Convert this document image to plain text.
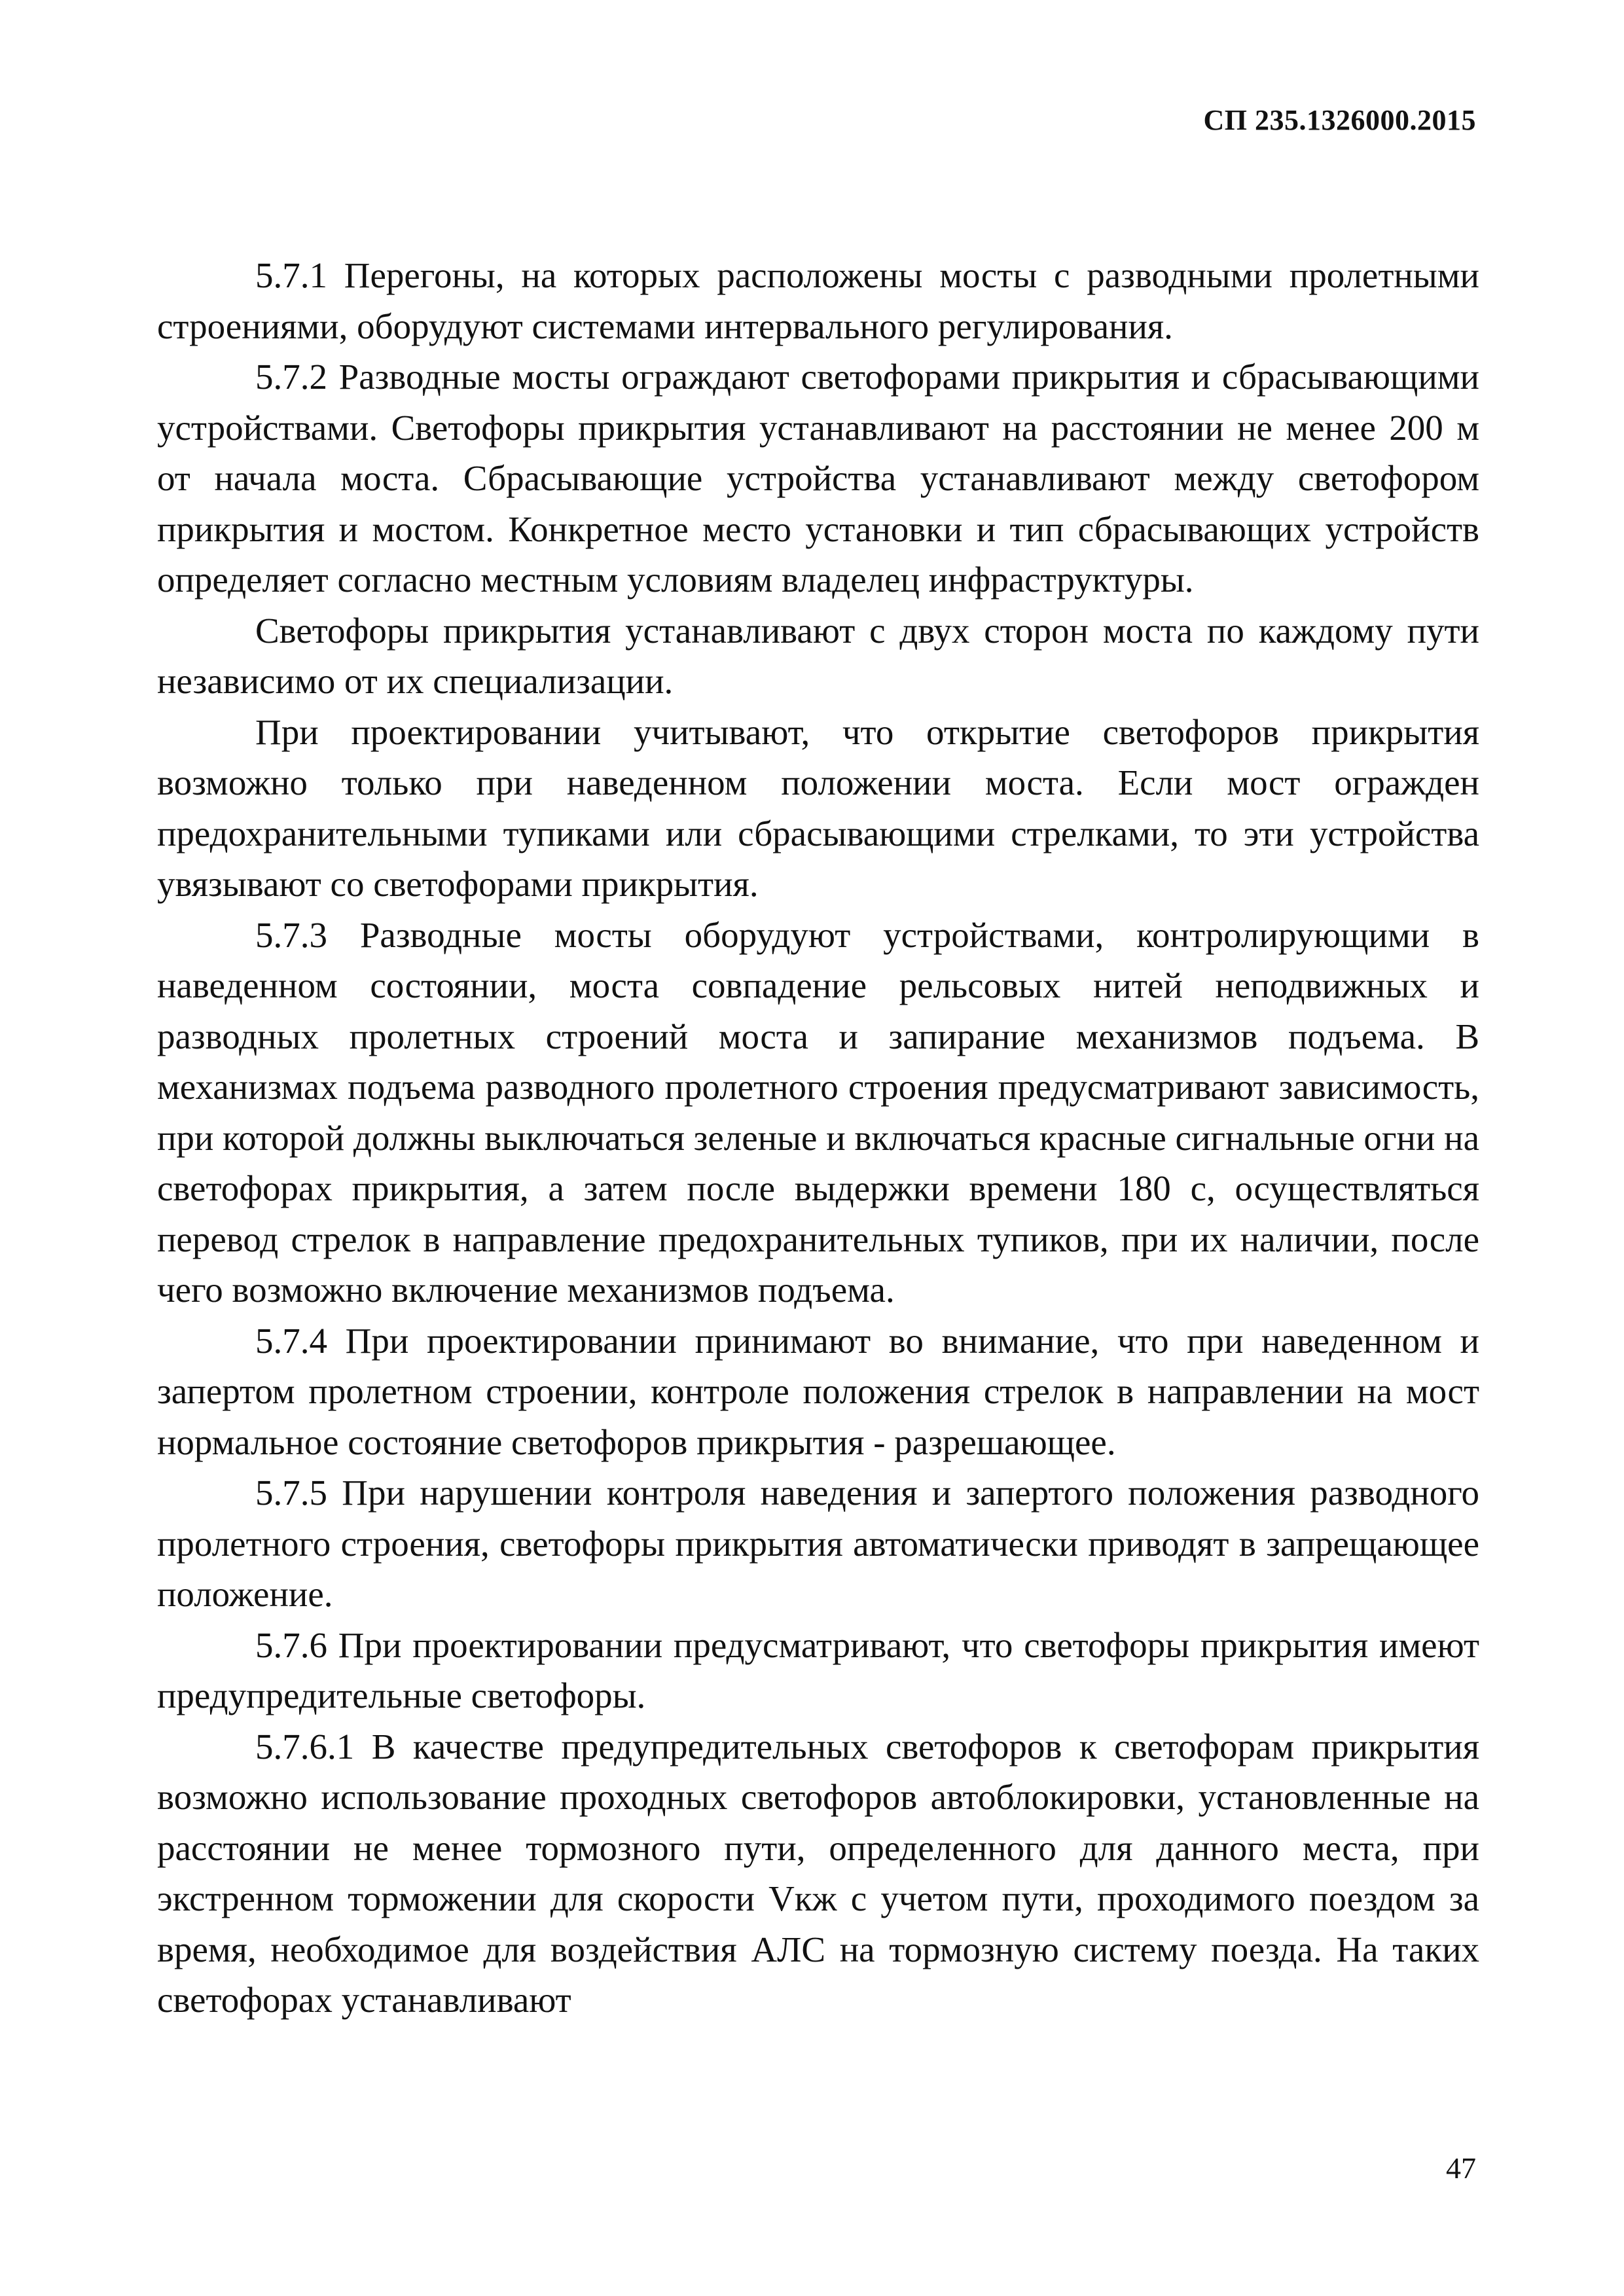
СП 235.1326000.2015

5.7.1 Перегоны, на которых расположены мосты с разводными пролетными строениями, оборудуют системами интервального регулирования.

5.7.2 Разводные мосты ограждают светофорами прикрытия и сбрасывающими устройствами. Светофоры прикрытия устанавливают на расстоянии не менее 200 м от начала моста. Сбрасывающие устройства устанавливают между светофором прикрытия и мостом. Конкретное место установки и тип сбрасывающих устройств определяет согласно местным условиям владелец инфраструктуры.

Светофоры прикрытия устанавливают с двух сторон моста по каждому пути независимо от их специализации.

При проектировании учитывают, что открытие светофоров прикрытия возможно только при наведенном положении моста. Если мост огражден предохранительными тупиками или сбрасывающими стрелками, то эти устройства увязывают со светофорами прикрытия.

5.7.3 Разводные мосты оборудуют устройствами, контролирующими в наведенном состоянии, моста совпадение рельсовых нитей неподвижных и разводных пролетных строений моста и запирание механизмов подъема. В механизмах подъема разводного пролетного строения предусматривают зависимость, при которой должны выключаться зеленые и включаться красные сигнальные огни на светофорах прикрытия, а затем после выдержки времени 180 с, осуществляться перевод стрелок в направление предохранительных тупиков, при их наличии, после чего возможно включение механизмов подъема.

5.7.4 При проектировании принимают во внимание, что при наведенном и запертом пролетном строении, контроле положения стрелок в направлении на мост нормальное состояние светофоров прикрытия - разрешающее.

5.7.5 При нарушении контроля наведения и запертого положения разводного пролетного строения, светофоры прикрытия автоматически приводят в запрещающее положение.

5.7.6 При проектировании предусматривают, что светофоры прикрытия имеют предупредительные светофоры.

5.7.6.1 В качестве предупредительных светофоров к светофорам прикрытия возможно использование проходных светофоров автоблокировки, установленные на расстоянии не менее тормозного пути, определенного для данного места, при экстренном торможении для скорости Vкж с учетом пути, проходимого поездом за время, необходимое для воздействия АЛС на тормозную систему поезда. На таких светофорах устанавливают

47
